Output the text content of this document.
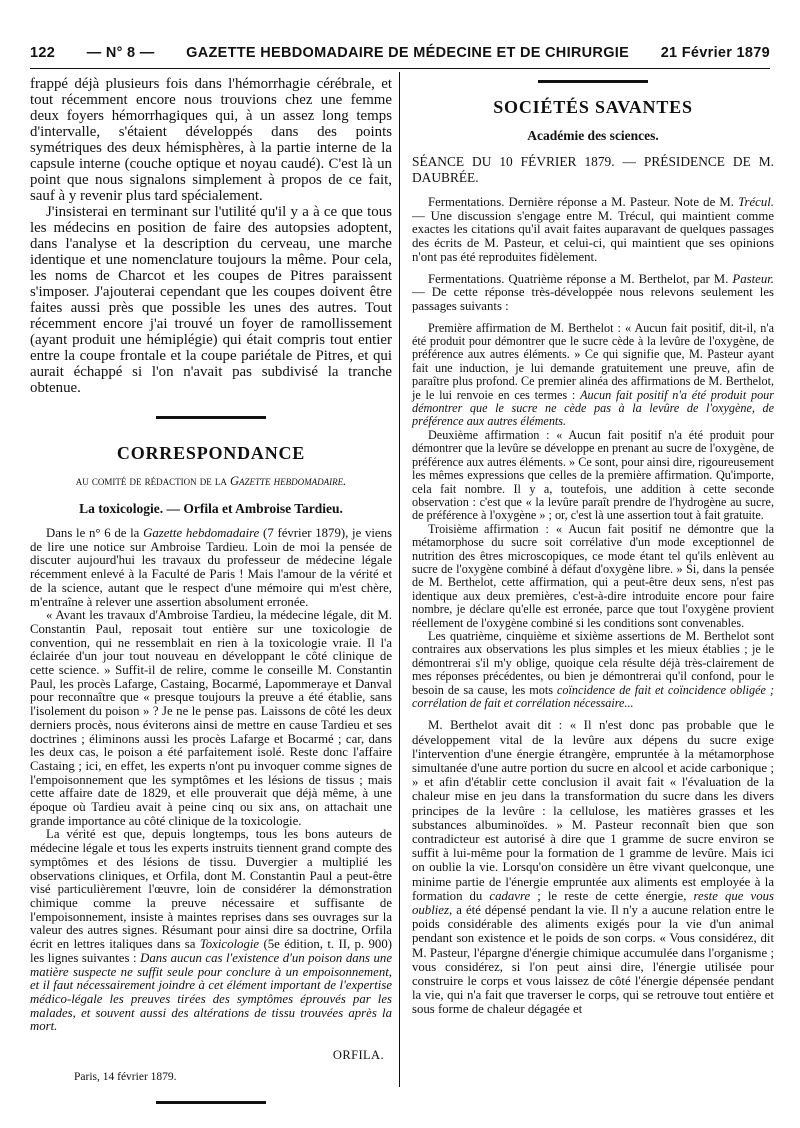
122 — N° 8 — GAZETTE HEBDOMADAIRE DE MÉDECINE ET DE CHIRURGIE 21 Février 1879

frappé déjà plusieurs fois dans l'hémorrhagie cérébrale, et tout récemment encore nous trouvions chez une femme deux foyers hémorrhagiques qui, à un assez long temps d'intervalle, s'étaient développés dans des points symétriques des deux hémisphères, à la partie interne de la capsule interne (couche optique et noyau caudé). C'est là un point que nous signalons simplement à propos de ce fait, sauf à y revenir plus tard spécialement.

J'insisterai en terminant sur l'utilité qu'il y a à ce que tous les médecins en position de faire des autopsies adoptent, dans l'analyse et la description du cerveau, une marche identique et une nomenclature toujours la même. Pour cela, les noms de Charcot et les coupes de Pitres paraissent s'imposer. J'ajouterai cependant que les coupes doivent être faites aussi près que possible les unes des autres. Tout récemment encore j'ai trouvé un foyer de ramollissement (ayant produit une hémiplégie) qui était compris tout entier entre la coupe frontale et la coupe pariétale de Pitres, et qui aurait échappé si l'on n'avait pas subdivisé la tranche obtenue.

CORRESPONDANCE
au comité de rédaction de la Gazette hebdomadaire.
La toxicologie. — Orfila et Ambroise Tardieu.

Dans le n° 6 de la Gazette hebdomadaire (7 février 1879), je viens de lire une notice sur Ambroise Tardieu. Loin de moi la pensée de discuter aujourd'hui les travaux du professeur de médecine légale récemment enlevé à la Faculté de Paris ! Mais l'amour de la vérité et de la science, autant que le respect d'une mémoire qui m'est chère, m'entraîne à relever une assertion absolument erronée.

« Avant les travaux d'Ambroise Tardieu, la médecine légale, dit M. Constantin Paul, reposait tout entière sur une toxicologie de convention, qui ne ressemblait en rien à la toxicologie vraie. Il l'a éclairée d'un jour tout nouveau en développant le côté clinique de cette science. » Suffit-il de relire, comme le conseille M. Constantin Paul, les procès Lafarge, Castaing, Bocarmé, Lapommeraye et Danval pour reconnaître que « presque toujours la preuve a été établie, sans l'isolement du poison » ? Je ne le pense pas. Laissons de côté les deux derniers procès, nous éviterons ainsi de mettre en cause Tardieu et ses doctrines ; éliminons aussi les procès Lafarge et Bocarmé ; car, dans les deux cas, le poison a été parfaitement isolé. Reste donc l'affaire Castaing ; ici, en effet, les experts n'ont pu invoquer comme signes de l'empoisonnement que les symptômes et les lésions de tissus ; mais cette affaire date de 1829, et elle prouverait que déjà même, à une époque où Tardieu avait à peine cinq ou six ans, on attachait une grande importance au côté clinique de la toxicologie.

La vérité est que, depuis longtemps, tous les bons auteurs de médecine légale et tous les experts instruits tiennent grand compte des symptômes et des lésions de tissu. Duvergier a multiplié les observations cliniques, et Orfila, dont M. Constantin Paul a peut-être visé particulièrement l'œuvre, loin de considérer la démonstration chimique comme la preuve nécessaire et suffisante de l'empoisonnement, insiste à maintes reprises dans ses ouvrages sur la valeur des autres signes. Résumant pour ainsi dire sa doctrine, Orfila écrit en lettres italiques dans sa Toxicologie (5e édition, t. II, p. 900) les lignes suivantes : Dans aucun cas l'existence d'un poison dans une matière suspecte ne suffit seule pour conclure à un empoisonnement, et il faut nécessairement joindre à cet élément important de l'expertise médico-légale les preuves tirées des symptômes éprouvés par les malades, et souvent aussi des altérations de tissu trouvées après la mort.

ORFILA.
Paris, 14 février 1879.
SOCIÉTÉS SAVANTES
Académie des sciences.
SÉANCE DU 10 FÉVRIER 1879. — PRÉSIDENCE DE M. DAUBRÉE.

Fermentations. Dernière réponse a M. Pasteur. Note de M. Trécul. — Une discussion s'engage entre M. Trécul, qui maintient comme exactes les citations qu'il avait faites auparavant de quelques passages des écrits de M. Pasteur, et celui-ci, qui maintient que ses opinions n'ont pas été reproduites fidèlement.

Fermentations. Quatrième réponse a M. Berthelot, par M. Pasteur. — De cette réponse très-développée nous relevons seulement les passages suivants :

Première affirmation de M. Berthelot : « Aucun fait positif, dit-il, n'a été produit pour démontrer que le sucre cède à la levûre de l'oxygène, de préférence aux autres éléments. » Ce qui signifie que, M. Pasteur ayant fait une induction, je lui demande gratuitement une preuve, afin de paraître plus profond. Ce premier alinéa des affirmations de M. Berthelot, je le lui renvoie en ces termes : Aucun fait positif n'a été produit pour démontrer que le sucre ne cède pas à la levûre de l'oxygène, de préférence aux autres éléments.

Deuxième affirmation : « Aucun fait positif n'a été produit pour démontrer que la levûre se développe en prenant au sucre de l'oxygène, de préférence aux autres éléments. » Ce sont, pour ainsi dire, rigoureusement les mêmes expressions que celles de la première affirmation. Qu'importe, cela fait nombre. Il y a, toutefois, une addition à cette seconde observation : c'est que « la levûre paraît prendre de l'hydrogène au sucre, de préférence à l'oxygène » ; or, c'est là une assertion tout à fait gratuite.

Troisième affirmation : « Aucun fait positif ne démontre que la métamorphose du sucre soit corrélative d'un mode exceptionnel de nutrition des êtres microscopiques, ce mode étant tel qu'ils enlèvent au sucre de l'oxygène combiné à défaut d'oxygène libre. » Si, dans la pensée de M. Berthelot, cette affirmation, qui a peut-être deux sens, n'est pas identique aux deux premières, c'est-à-dire introduite encore pour faire nombre, je déclare qu'elle est erronée, parce que tout l'oxygène provient réellement de l'oxygène combiné si les conditions sont convenables.

Les quatrième, cinquième et sixième assertions de M. Berthelot sont contraires aux observations les plus simples et les mieux établies ; je le démontrerai s'il m'y oblige, quoique cela résulte déjà très-clairement de mes réponses précédentes, ou bien je démontrerai qu'il confond, pour le besoin de sa cause, les mots coïncidence de fait et coïncidence obligée ; corrélation de fait et corrélation nécessaire...

M. Berthelot avait dit : « Il n'est donc pas probable que le développement vital de la levûre aux dépens du sucre exige l'intervention d'une énergie étrangère, empruntée à la métamorphose simultanée d'une autre portion du sucre en alcool et acide carbonique ; » et afin d'établir cette conclusion il avait fait « l'évaluation de la chaleur mise en jeu dans la transformation du sucre dans les divers principes de la levûre : la cellulose, les matières grasses et les substances albuminoïdes. » M. Pasteur reconnaît bien que son contradicteur est autorisé à dire que 1 gramme de sucre environ se suffit à lui-même pour la formation de 1 gramme de levûre. Mais ici on oublie la vie. Lorsqu'on considère un être vivant quelconque, une minime partie de l'énergie empruntée aux aliments est employée à la formation du cadavre ; le reste de cette énergie, reste que vous oubliez, a été dépensé pendant la vie. Il n'y a aucune relation entre le poids considérable des aliments exigés pour la vie d'un animal pendant son existence et le poids de son corps. « Vous considérez, dit M. Pasteur, l'épargne d'énergie chimique accumulée dans l'organisme ; vous considérez, si l'on peut ainsi dire, l'énergie utilisée pour construire le corps et vous laissez de côté l'énergie dépensée pendant la vie, qui n'a fait que traverser le corps, qui se retrouve tout entière et sous forme de chaleur dégagée et
